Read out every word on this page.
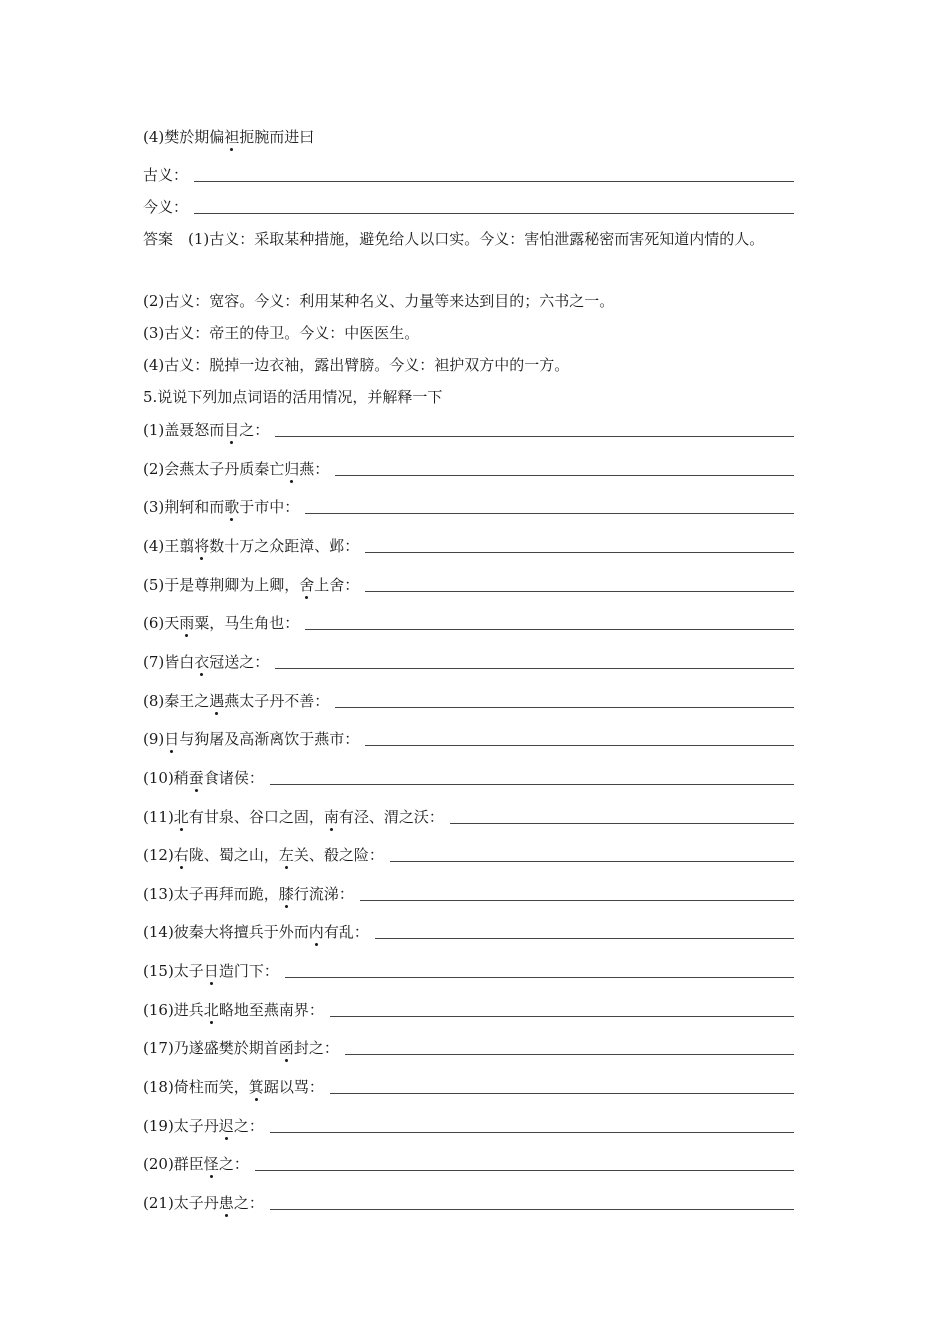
(4)樊於期偏袒扼腕而进曰
古义：
今义：
答案 (1)古义：采取某种措施，避免给人以口实。今义：害怕泄露秘密而害死知道内情的人。
(2)古义：宽容。今义：利用某种名义、力量等来达到目的；六书之一。
(3)古义：帝王的侍卫。今义：中医医生。
(4)古义：脱掉一边衣袖，露出臂膀。今义：袒护双方中的一方。
5.说说下列加点词语的活用情况，并解释一下
(1)盖聂怒而目之：
(2)会燕太子丹质秦亡归燕：
(3)荆轲和而歌于市中：
(4)王翦将数十万之众距漳、邺：
(5)于是尊荆卿为上卿，舍上舍：
(6)天雨粟，马生角也：
(7)皆白衣冠送之：
(8)秦王之遇燕太子丹不善：
(9)日与狗屠及高渐离饮于燕市：
(10)稍蚕食诸侯：
(11)北有甘泉、谷口之固，南有泾、渭之沃：
(12)右陇、蜀之山，左关、殽之险：
(13)太子再拜而跪，膝行流涕：
(14)彼秦大将擅兵于外而内有乱：
(15)太子日造门下：
(16)进兵北略地至燕南界：
(17)乃遂盛樊於期首函封之：
(18)倚柱而笑，箕踞以骂：
(19)太子丹迟之：
(20)群臣怪之：
(21)太子丹患之：
